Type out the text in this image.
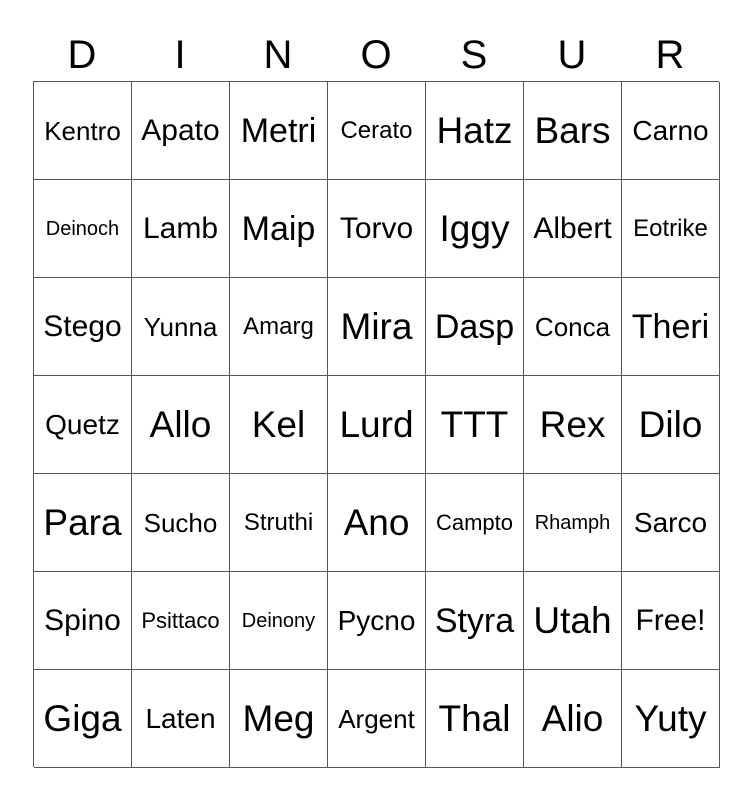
D	I	N	O	S	U	R
Kentro Apato Metri	Cerato Hatz Bars Carno
Deinoch Lamb Maip Torvo Iggy Albert Eotrike
Stego Yunna	Amarg Mira Dasp Conca Theri
Quetz Allo	Kel Lurd TTT Rex Dilo
Para Sucho	Struthi Ano	Campto	Rhamph Sarco
Spino Psittaco	Deinony Pycno Styra Utah Free!
Giga Laten Meg Argent Thal Alio Yuty
